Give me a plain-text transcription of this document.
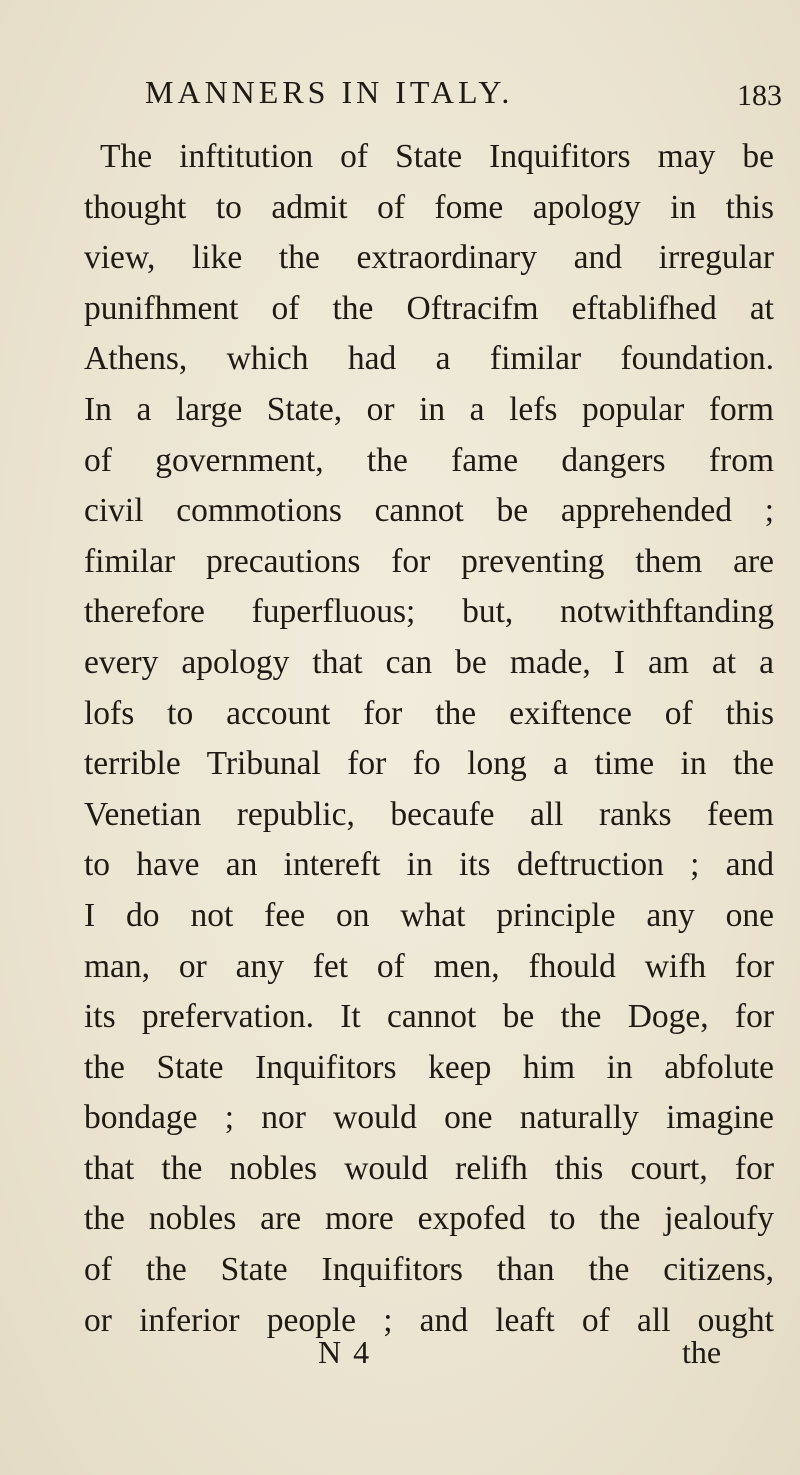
MANNERS IN ITALY.	183
The inftitution of State Inquifitors may be
thought to admit of fome apology in this
view, like the extraordinary and irregular
punifhment of the Oftracifm eftablifhed at
Athens, which had a fimilar foundation.
In a large State, or in a lefs popular form
of government, the fame dangers from
civil commotions cannot be apprehended ;
fimilar precautions for preventing them are
therefore fuperfluous; but, notwithftanding
every apology that can be made, I am at a
lofs to account for the exiftence of this
terrible Tribunal for fo long a time in the
Venetian republic, becaufe all ranks feem
to have an intereft in its deftruction ; and
I do not fee on what principle any one
man, or any fet of men, fhould wifh for
its prefervation. It cannot be the Doge, for
the State Inquifitors keep him in abfolute
bondage ; nor would one naturally imagine
that the nobles would relifh this court, for
the nobles are more expofed to the jealoufy
of the State Inquifitors than the citizens,
or inferior people ; and leaft of all ought
N 4	the
